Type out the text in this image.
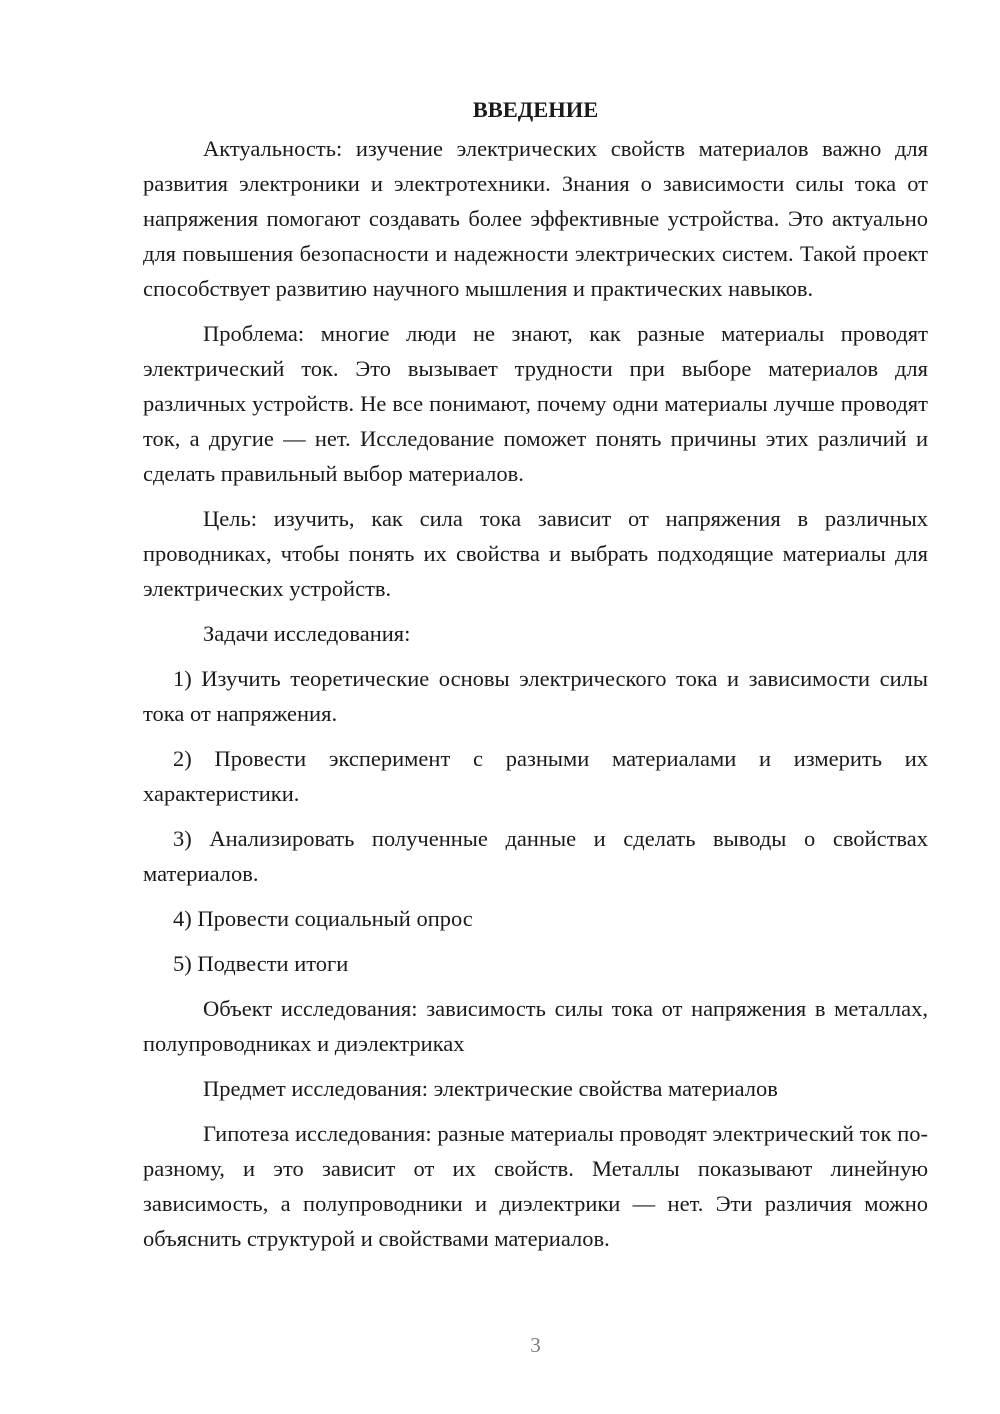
ВВЕДЕНИЕ

Актуальность: изучение электрических свойств материалов важно для развития электроники и электротехники. Знания о зависимости силы тока от напряжения помогают создавать более эффективные устройства. Это актуально для повышения безопасности и надежности электрических систем. Такой проект способствует развитию научного мышления и практических навыков.

Проблема: многие люди не знают, как разные материалы проводят электрический ток. Это вызывает трудности при выборе материалов для различных устройств. Не все понимают, почему одни материалы лучше проводят ток, а другие — нет. Исследование поможет понять причины этих различий и сделать правильный выбор материалов.

Цель: изучить, как сила тока зависит от напряжения в различных проводниках, чтобы понять их свойства и выбрать подходящие материалы для электрических устройств.

Задачи исследования:

1) Изучить теоретические основы электрического тока и зависимости силы тока от напряжения.

2) Провести эксперимент с разными материалами и измерить их характеристики.

3) Анализировать полученные данные и сделать выводы о свойствах материалов.

4) Провести социальный опрос

5) Подвести итоги

Объект исследования: зависимость силы тока от напряжения в металлах, полупроводниках и диэлектриках

Предмет исследования: электрические свойства материалов

Гипотеза исследования: разные материалы проводят электрический ток по-разному, и это зависит от их свойств. Металлы показывают линейную зависимость, а полупроводники и диэлектрики — нет. Эти различия можно объяснить структурой и свойствами материалов.

3
